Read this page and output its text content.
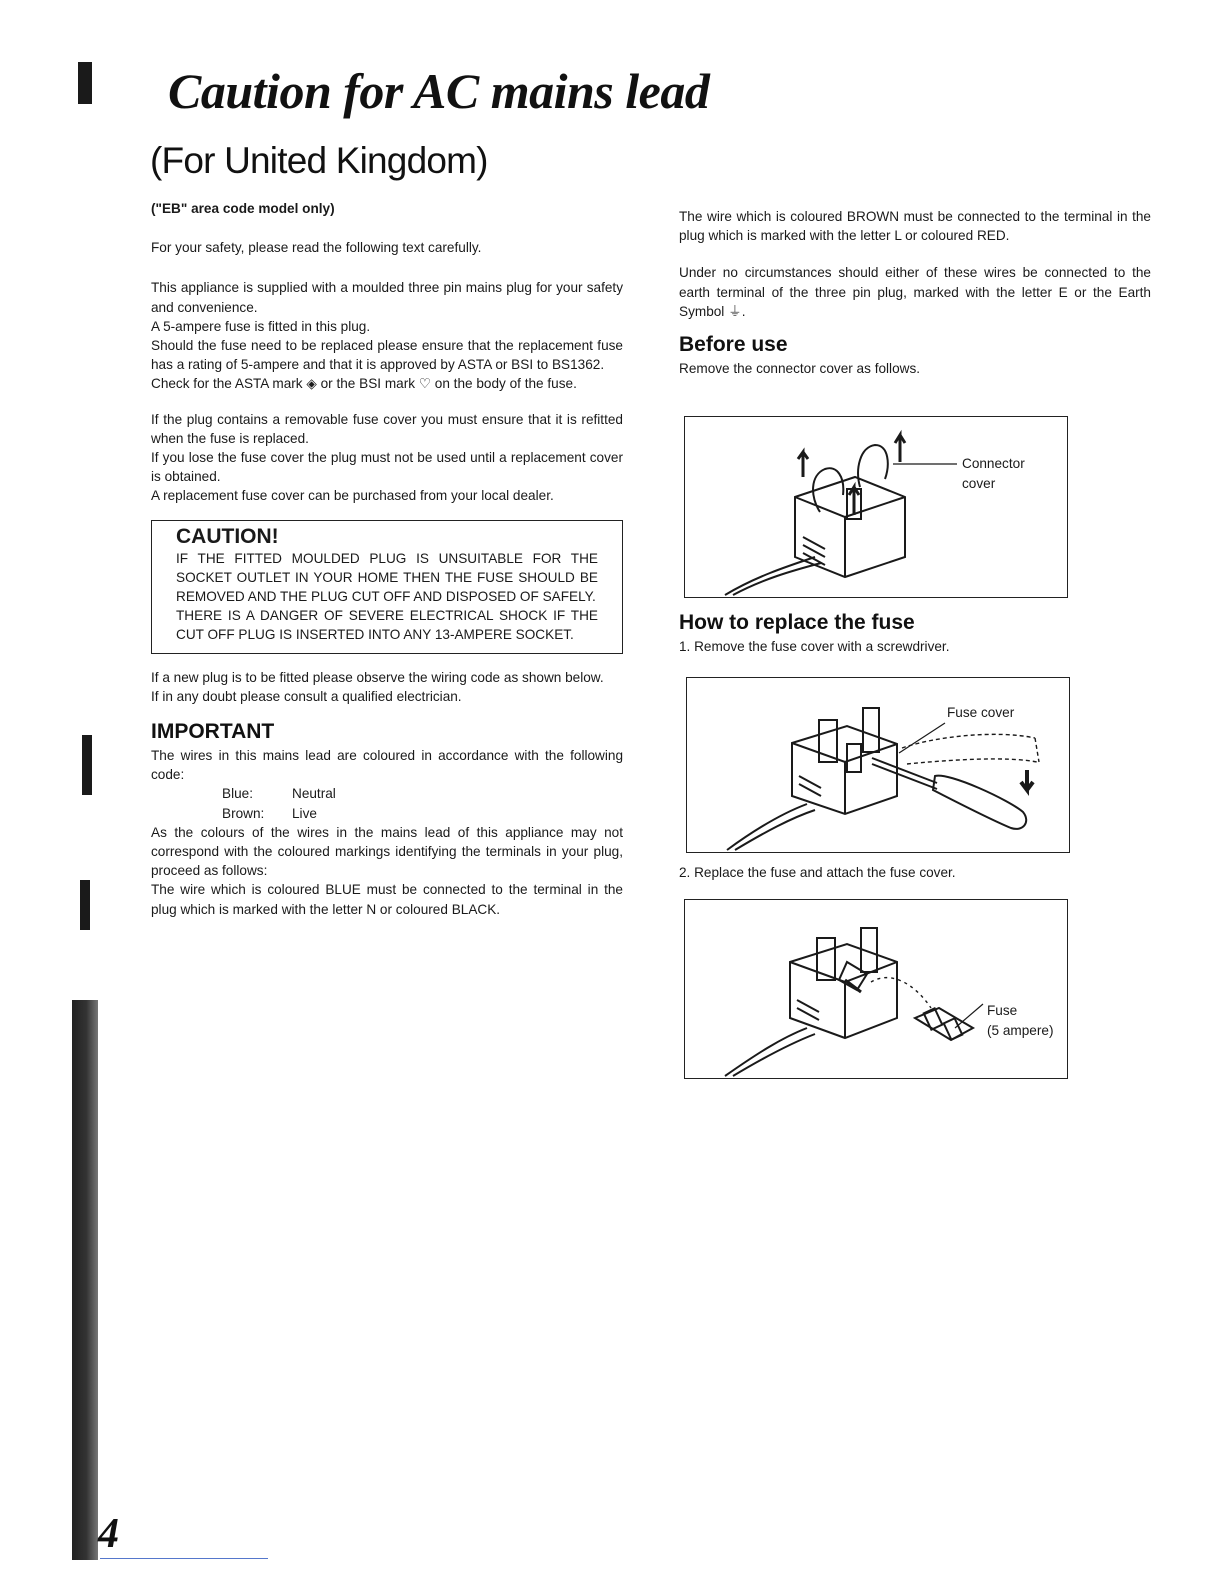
Caution for AC mains lead
(For United Kingdom)

("EB" area code model only)

For your safety, please read the following text carefully.

This appliance is supplied with a moulded three pin mains plug for your safety and convenience.

A 5-ampere fuse is fitted in this plug.

Should the fuse need to be replaced please ensure that the replacement fuse has a rating of 5-ampere and that it is approved by ASTA or BSI to BS1362.

Check for the ASTA mark ◈ or the BSI mark ♡ on the body of the fuse.

If the plug contains a removable fuse cover you must ensure that it is refitted when the fuse is replaced.

If you lose the fuse cover the plug must not be used until a replacement cover is obtained.

A replacement fuse cover can be purchased from your local dealer.

CAUTION!

IF THE FITTED MOULDED PLUG IS UNSUITABLE FOR THE SOCKET OUTLET IN YOUR HOME THEN THE FUSE SHOULD BE REMOVED AND THE PLUG CUT OFF AND DISPOSED OF SAFELY.

THERE IS A DANGER OF SEVERE ELECTRICAL SHOCK IF THE CUT OFF PLUG IS INSERTED INTO ANY 13-AMPERE SOCKET.

If a new plug is to be fitted please observe the wiring code as shown below.

If in any doubt please consult a qualified electrician.

IMPORTANT

The wires in this mains lead are coloured in accordance with the following code:

Blue:	Neutral
Brown:	Live

As the colours of the wires in the mains lead of this appliance may not correspond with the coloured markings identifying the terminals in your plug, proceed as follows:

The wire which is coloured BLUE must be connected to the terminal in the plug which is marked with the letter N or coloured BLACK.

The wire which is coloured BROWN must be connected to the terminal in the plug which is marked with the letter L or coloured RED.

Under no circumstances should either of these wires be connected to the earth terminal of the three pin plug, marked with the letter E or the Earth Symbol ⏚.

Before use

Remove the connector cover as follows.

Connector
cover
How to replace the fuse

1. Remove the fuse cover with a screwdriver.

Fuse cover

2. Replace the fuse and attach the fuse cover.

Fuse
(5 ampere)

4
